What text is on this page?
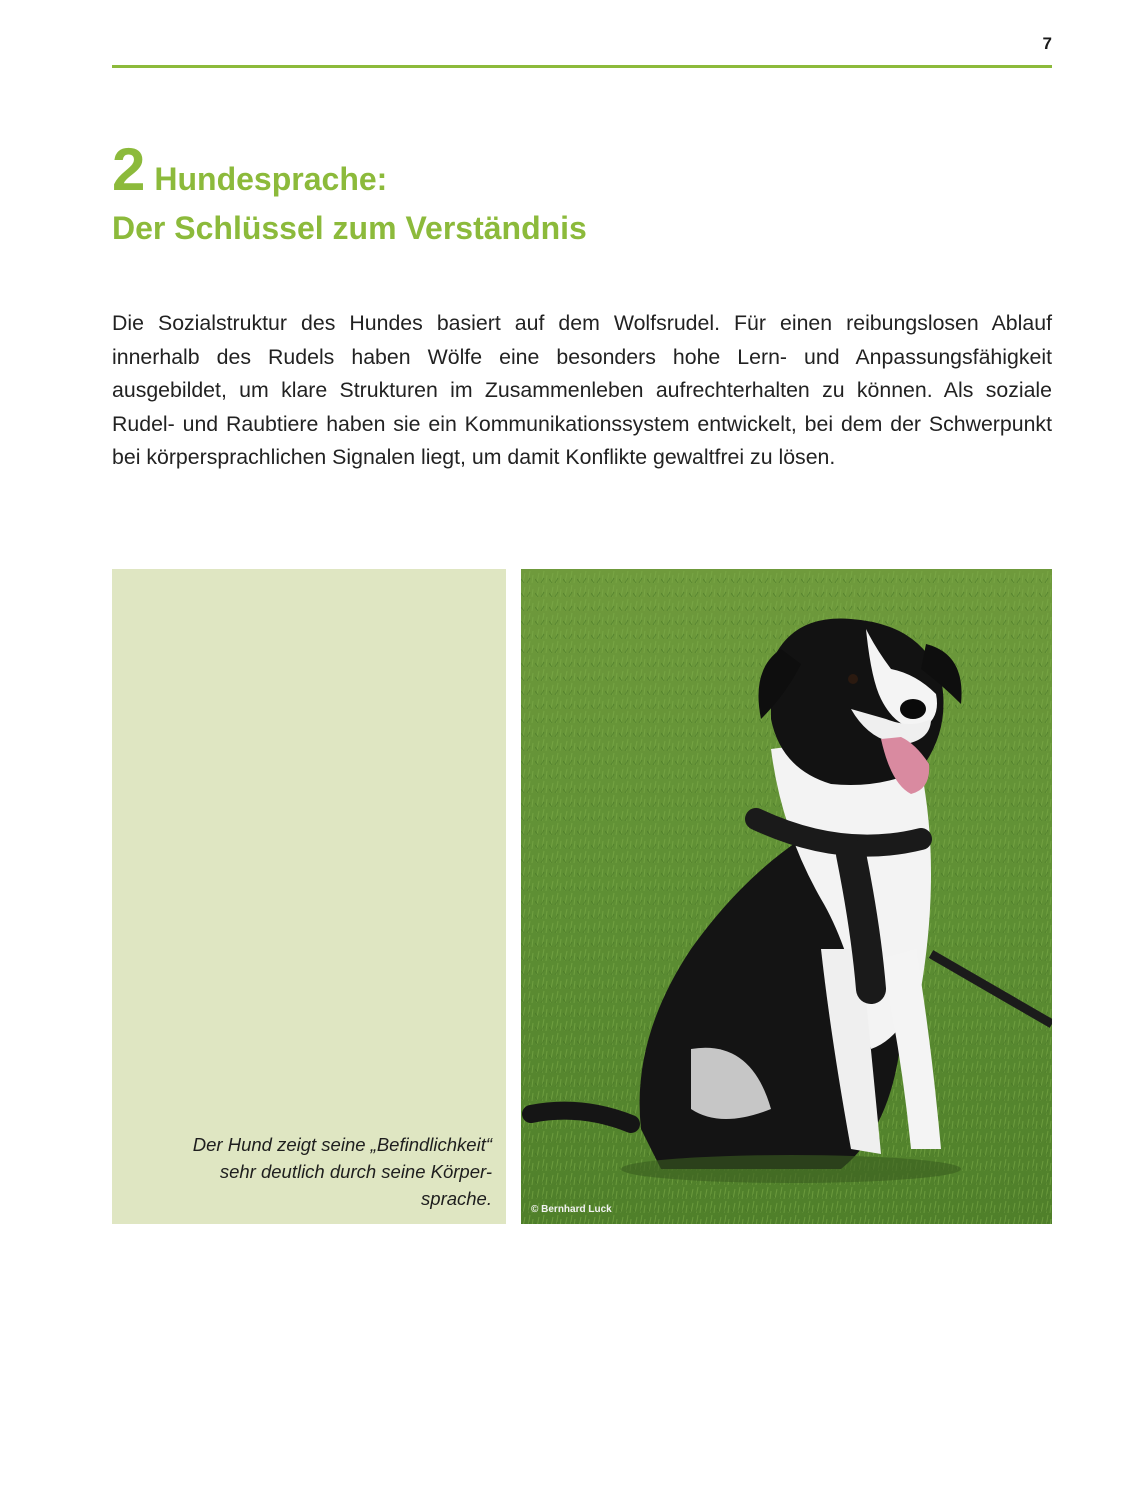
7
2 Hundesprache:
Der Schlüssel zum Verständnis

Die Sozialstruktur des Hundes basiert auf dem Wolfsrudel. Für einen reibungslosen Ablauf innerhalb des Rudels haben Wölfe eine besonders hohe Lern- und Anpassungsfähigkeit ausgebildet, um klare Strukturen im Zusammenleben aufrechterhalten zu können. Als soziale Rudel- und Raubtiere haben sie ein Kommunikationssystem entwickelt, bei dem der Schwerpunkt bei körpersprachlichen Signalen liegt, um damit Konflikte gewaltfrei zu lösen.

Der Hund zeigt seine „Befindlichkeit“
sehr deutlich durch seine Körper-
sprache.

© Bernhard Luck
